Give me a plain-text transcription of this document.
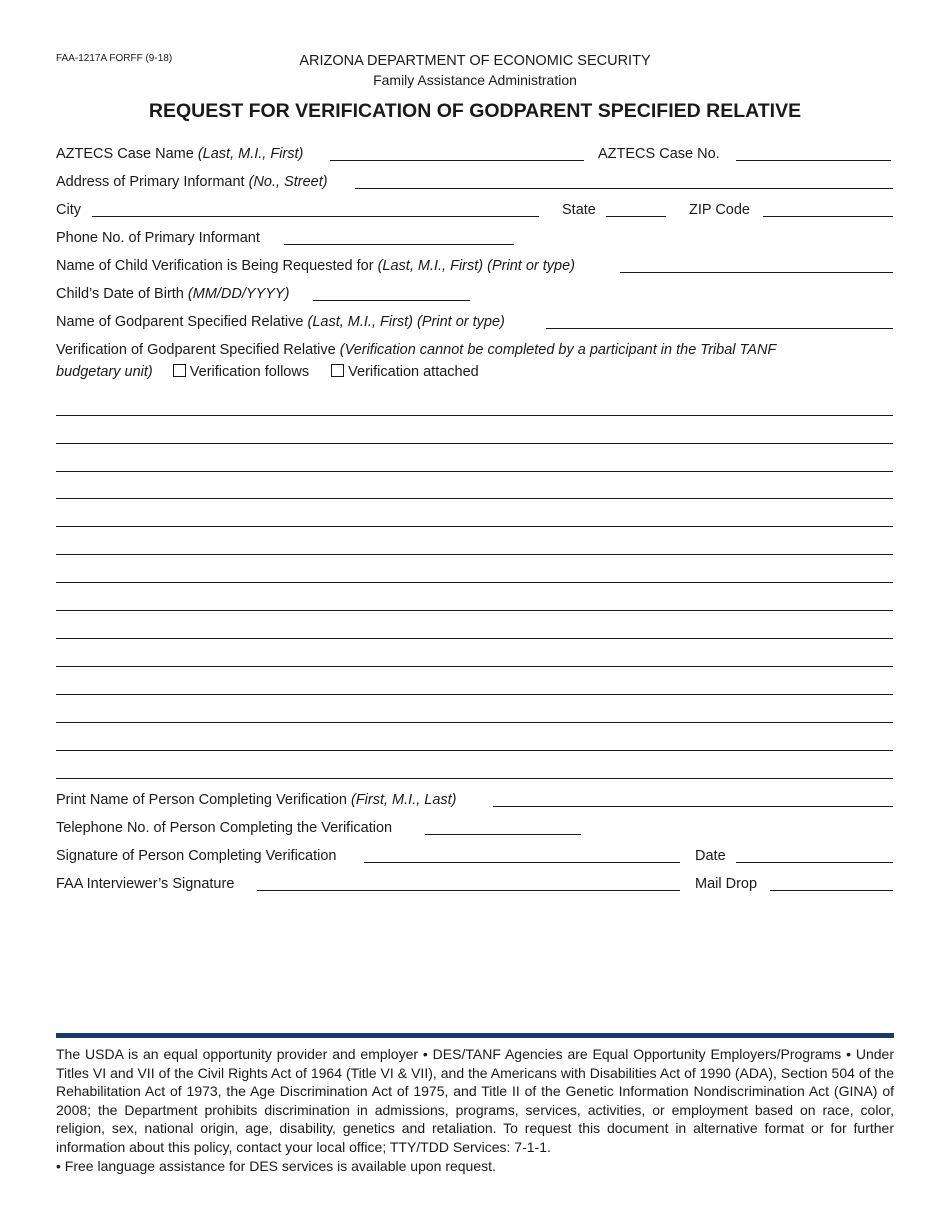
FAA-1217A FORFF (9-18)	ARIZONA DEPARTMENT OF ECONOMIC SECURITY
Family Assistance Administration
REQUEST FOR VERIFICATION OF GODPARENT SPECIFIED RELATIVE
AZTECS Case Name (Last, M.I., First)	AZTECS Case No.
Address of Primary Informant (No., Street)
City	State	ZIP Code
Phone No. of Primary Informant
Name of Child Verification is Being Requested for (Last, M.I., First) (Print or type)
Child’s Date of Birth (MM/DD/YYYY)
Name of Godparent Specified Relative (Last, M.I., First) (Print or type)
Verification of Godparent Specified Relative (Verification cannot be completed by a participant in the Tribal TANF
budgetary unit)	Verification follows	Verification attached
Print Name of Person Completing Verification (First, M.I., Last)
Telephone No. of Person Completing the Verification
Signature of Person Completing Verification	Date
FAA Interviewer’s Signature	Mail Drop

The USDA is an equal opportunity provider and employer • DES/TANF Agencies are Equal Opportunity Employers/Programs • Under Titles VI and VII of the Civil Rights Act of 1964 (Title VI & VII), and the Americans with Disabilities Act of 1990 (ADA), Section 504 of the Rehabilitation Act of 1973, the Age Discrimination Act of 1975, and Title II of the Genetic Information Nondiscrimination Act (GINA) of 2008; the Department prohibits discrimination in admissions, programs, services, activities, or employment based on race, color, religion, sex, national origin, age, disability, genetics and retaliation. To request this document in alternative format or for further information about this policy, contact your local office; TTY/TDD Services: 7-1-1.

• Free language assistance for DES services is available upon request.
